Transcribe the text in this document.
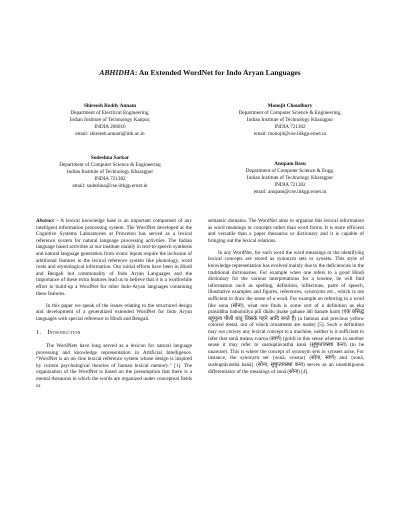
ABHIDHA: An Extended WordNet for Indo Aryan Languages
Shireesh Reddy Annam
Department of Electrical Engineering,
Indian Institute of Technology Kanpur,
INDIA 208016
email: shireesh.annam@iitk.ac.in
Monojit Choudhury
Department of Computer Science & Engineering,
Indian Institute of Technology Kharagpur
INDIA 721302
email: monojit@cse.iitkgp.ernet.in
Sudeshna Sarkar
Department of Computer Science & Engineering
Indian Institute of Technology Kharagpur
INDIA 721302
email: sudeshna@cse.iitkgp.ernet.in
Anupam Basu
Department of Computer Science & Engg.
Indian Institute of Technology Kharagpur
INDIA 721302
email: anupam@cse.iitkgp.ernet.in

Abstract – A lexical knowledge base is an important component of any intelligent information processing system. The WordNet developed at the Cognitive Systems Laboratories at Princeton has served as a lexical reference system for natural language processing activities. The Indian language based activities at our institute mainly in text-to-speech synthesis and natural language generation from iconic inputs require the inclusion of additional features in the lexical reference system like phonology, word roots and etymological information. Our initial efforts have been in Hindi and Bengali but commonality of Indo Aryan Languages and the importance of these extra features lead us to believe that it is a worthwhile effort to build-up a WordNet for other Indo-Aryan languages containing these features.

In this paper we speak of the issues relating to the structured design and development of a generalized extended WordNet for Indo Aryan languages with special reference to Hindi and Bengali.

1. Introduction

The WordNets have long served as a lexicon for natural language processing and knowledge representation in Artificial Intelligence. “WordNet is an on–line lexical reference system whose design is inspired by current psychological theories of human lexical memory.” [1]. The organization of the WordNet is based on the presumption that there is a mental thesaurus in which the words are organized under conceptual fields or

semantic domains. The WordNet aims to organize this lexical information as word meanings or concepts rather than word forms. It is more efficient and versatile than a paper thesaurus or dictionary and it is capable of bringing out the lexical relations.

In any WordNet, for each word the word meanings or the identifying lexical concepts are stored as synonym sets or synsets. This style of knowledge representation has evolved mainly due to the deficiencies in the traditional dictionaries. For example when one refers to a good Hindi dictionary for the various interpretations for a lexeme, he will find information such as spelling, definition, inflections, parts of speech, illustrative examples and figures, references, synonyms etc., which is not sufficient to draw the sense of a word. For example on referring to a word like sona (सोना), what one finds is some sort of a definition as eka prasiddha bahumūlya pīlī dhātu jisake gahane ādi banate haiṁ (एक प्रसिद्ध बहुमूल्य पीली धातु जिसके गहने आदि बनते हैं) (a famous and precious yellow colored metal, out of which ornaments are made) [5]. Such a definition may not convey any lexical concept to a machine, neither is it sufficient to infer that sonā means svarṇa (स्वर्ण) (gold) in this sense whereas in another sense it may refer to sushuptāvasthā kanā (सुषुप्तावस्था कना) (to be unaware). This is where the concept of synonym sets or synsets arise. For instance, the synonym set {sonā, svarṇa} (सोना, स्वर्ण) and {sonā, sushuptāvasthā kanā} (सोना, सुषुप्तावस्था कना) serves as an unambiguous differentiator of the meanings of sonā (सोना) [4].
